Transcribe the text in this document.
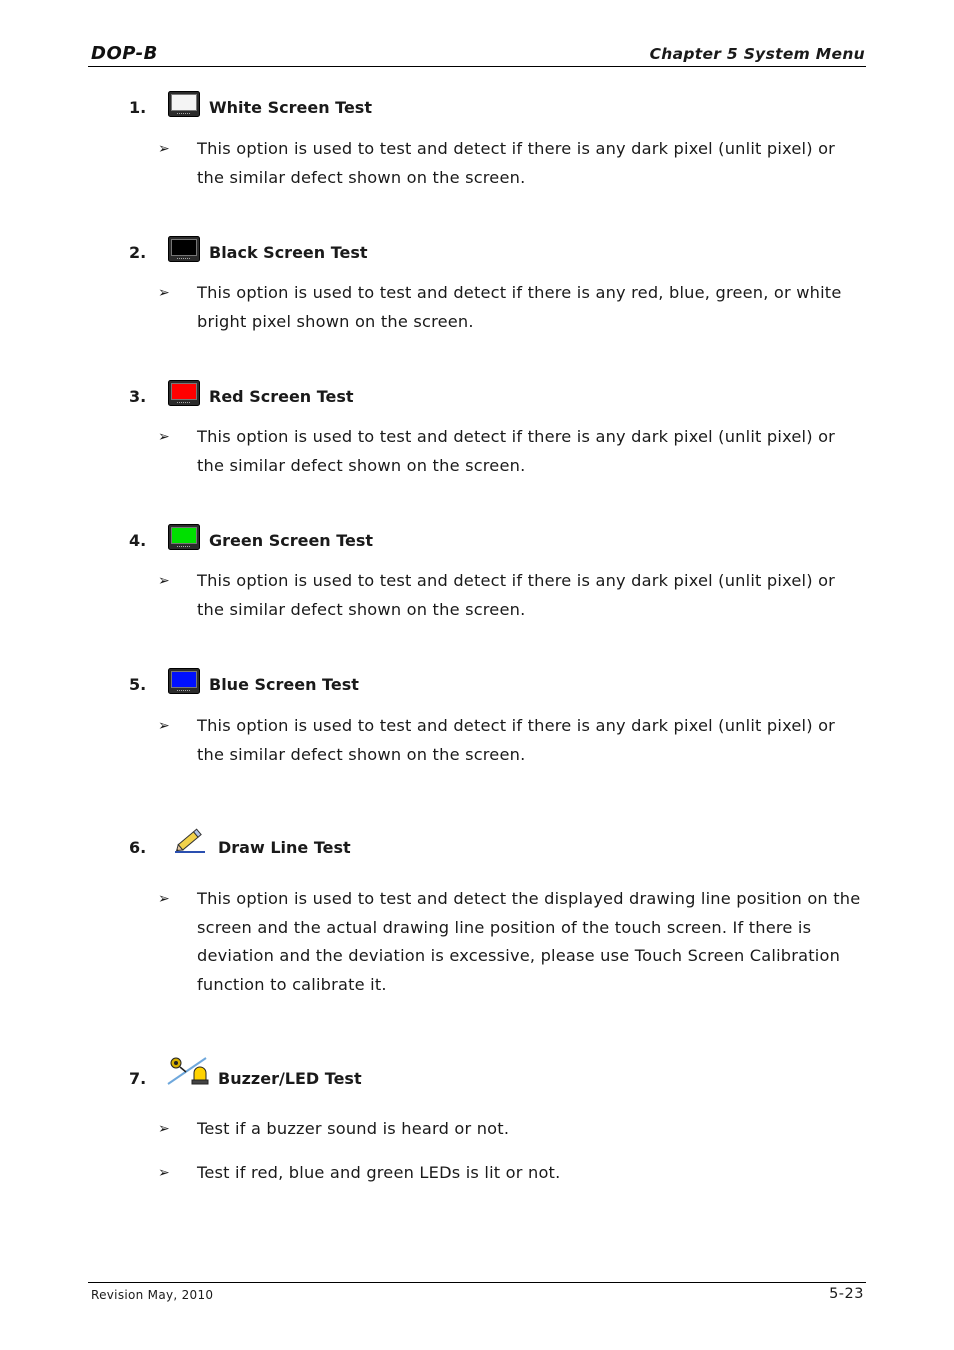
DOP-B	Chapter 5 System Menu
1.	White Screen Test
➢ This option is used to test and detect if there is any dark pixel (unlit pixel) or the similar defect shown on the screen.
2.	Black Screen Test
➢ This option is used to test and detect if there is any red, blue, green, or white bright pixel shown on the screen.
3.	Red Screen Test
➢ This option is used to test and detect if there is any dark pixel (unlit pixel) or the similar defect shown on the screen.
4.	Green Screen Test
➢ This option is used to test and detect if there is any dark pixel (unlit pixel) or the similar defect shown on the screen.
5.	Blue Screen Test
➢ This option is used to test and detect if there is any dark pixel (unlit pixel) or the similar defect shown on the screen.
6.	Draw Line Test
➢ This option is used to test and detect the displayed drawing line position on the screen and the actual drawing line position of the touch screen. If there is deviation and the deviation is excessive, please use Touch Screen Calibration function to calibrate it.
7.	Buzzer/LED Test
➢ Test if a buzzer sound is heard or not.
➢ Test if red, blue and green LEDs is lit or not.
Revision May, 2010	5-23
